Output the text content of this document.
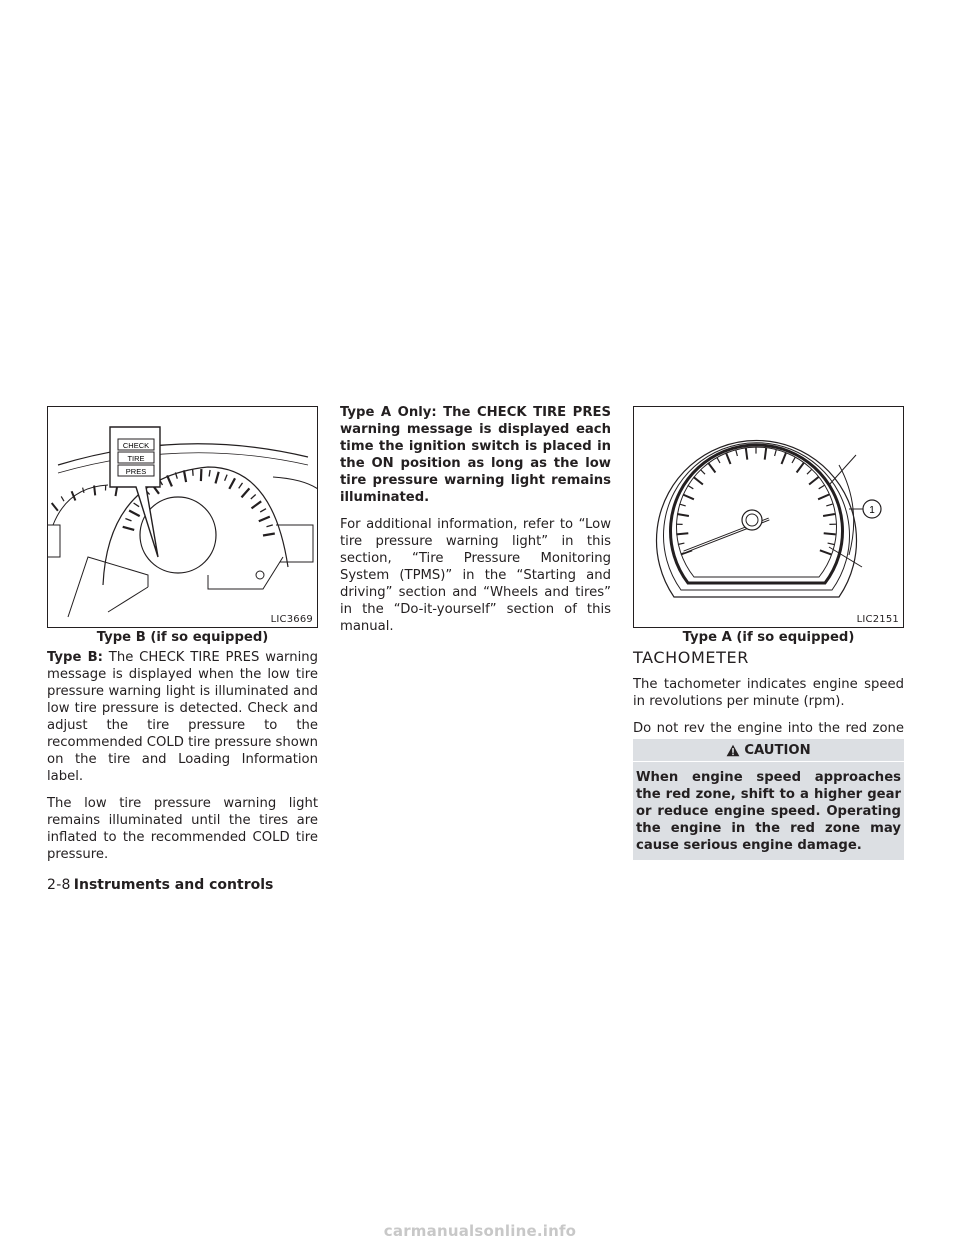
CHECK
TIRE
PRES
LIC3669
Type B (if so equipped)

Type B: The CHECK TIRE PRES warning message is displayed when the low tire pressure warning light is illuminated and low tire pressure is detected. Check and adjust the tire pressure to the recommended COLD tire pressure shown on the tire and Loading Information label.

The low tire pressure warning light remains illuminated until the tires are inflated to the recommended COLD tire pressure.

Type A Only: The CHECK TIRE PRES warning message is displayed each time the ignition switch is placed in the ON position as long as the low tire pressure warning light remains illuminated.

For additional information, refer to “Low tire pressure warning light” in this section, “Tire Pressure Monitoring System (TPMS)” in the “Starting and driving” section and “Wheels and tires” in the “Do-it-yourself” section of this manual.

1
LIC2151
Type A (if so equipped)
TACHOMETER

The tachometer indicates engine speed in revolutions per minute (rpm).

Do not rev the engine into the red zone

CAUTION
When engine speed approaches the red zone, shift to a higher gear or reduce engine speed. Operating the engine in the red zone may cause serious engine damage.
2-8 Instruments and controls
carmanualsonline.info
